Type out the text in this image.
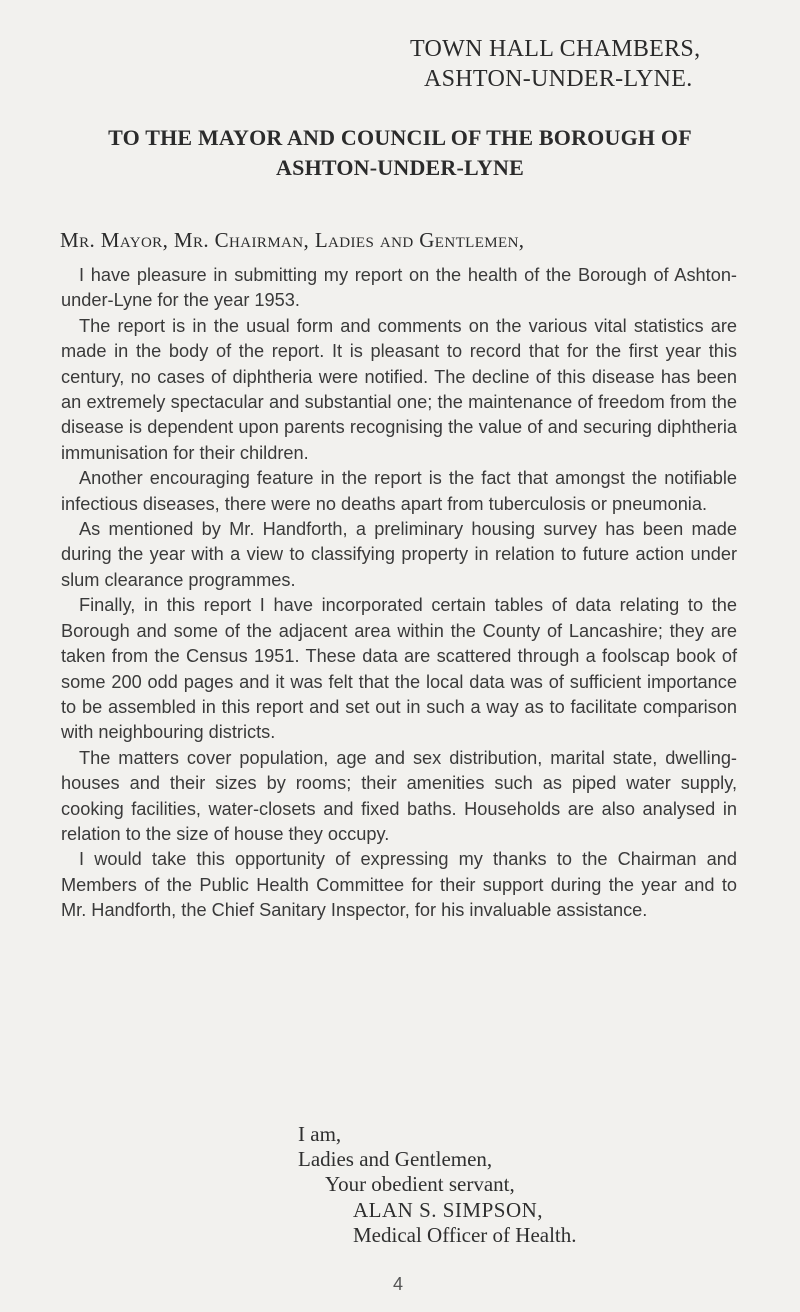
TOWN HALL CHAMBERS,
ASHTON-UNDER-LYNE.
TO THE MAYOR AND COUNCIL OF THE BOROUGH OF
ASHTON-UNDER-LYNE
Mr. Mayor, Mr. Chairman, Ladies and Gentlemen,

I have pleasure in submitting my report on the health of the Borough of Ashton-under-Lyne for the year 1953.

The report is in the usual form and comments on the various vital statistics are made in the body of the report. It is pleasant to record that for the first year this century, no cases of diphtheria were notified. The decline of this disease has been an extremely spectacular and substantial one; the maintenance of freedom from the disease is dependent upon parents recognising the value of and securing diphtheria immunisation for their children.

Another encouraging feature in the report is the fact that amongst the notifiable infectious diseases, there were no deaths apart from tuberculosis or pneumonia.

As mentioned by Mr. Handforth, a preliminary housing survey has been made during the year with a view to classifying property in relation to future action under slum clearance programmes.

Finally, in this report I have incorporated certain tables of data relating to the Borough and some of the adjacent area within the County of Lancashire; they are taken from the Census 1951. These data are scattered through a foolscap book of some 200 odd pages and it was felt that the local data was of sufficient importance to be assembled in this report and set out in such a way as to facilitate comparison with neighbouring districts.

The matters cover population, age and sex distribution, marital state, dwelling-houses and their sizes by rooms; their amenities such as piped water supply, cooking facilities, water-closets and fixed baths. Households are also analysed in relation to the size of house they occupy.

I would take this opportunity of expressing my thanks to the Chairman and Members of the Public Health Committee for their support during the year and to Mr. Handforth, the Chief Sanitary Inspector, for his invaluable assistance.

I am,
Ladies and Gentlemen,
Your obedient servant,
ALAN S. SIMPSON,
Medical Officer of Health.
4
